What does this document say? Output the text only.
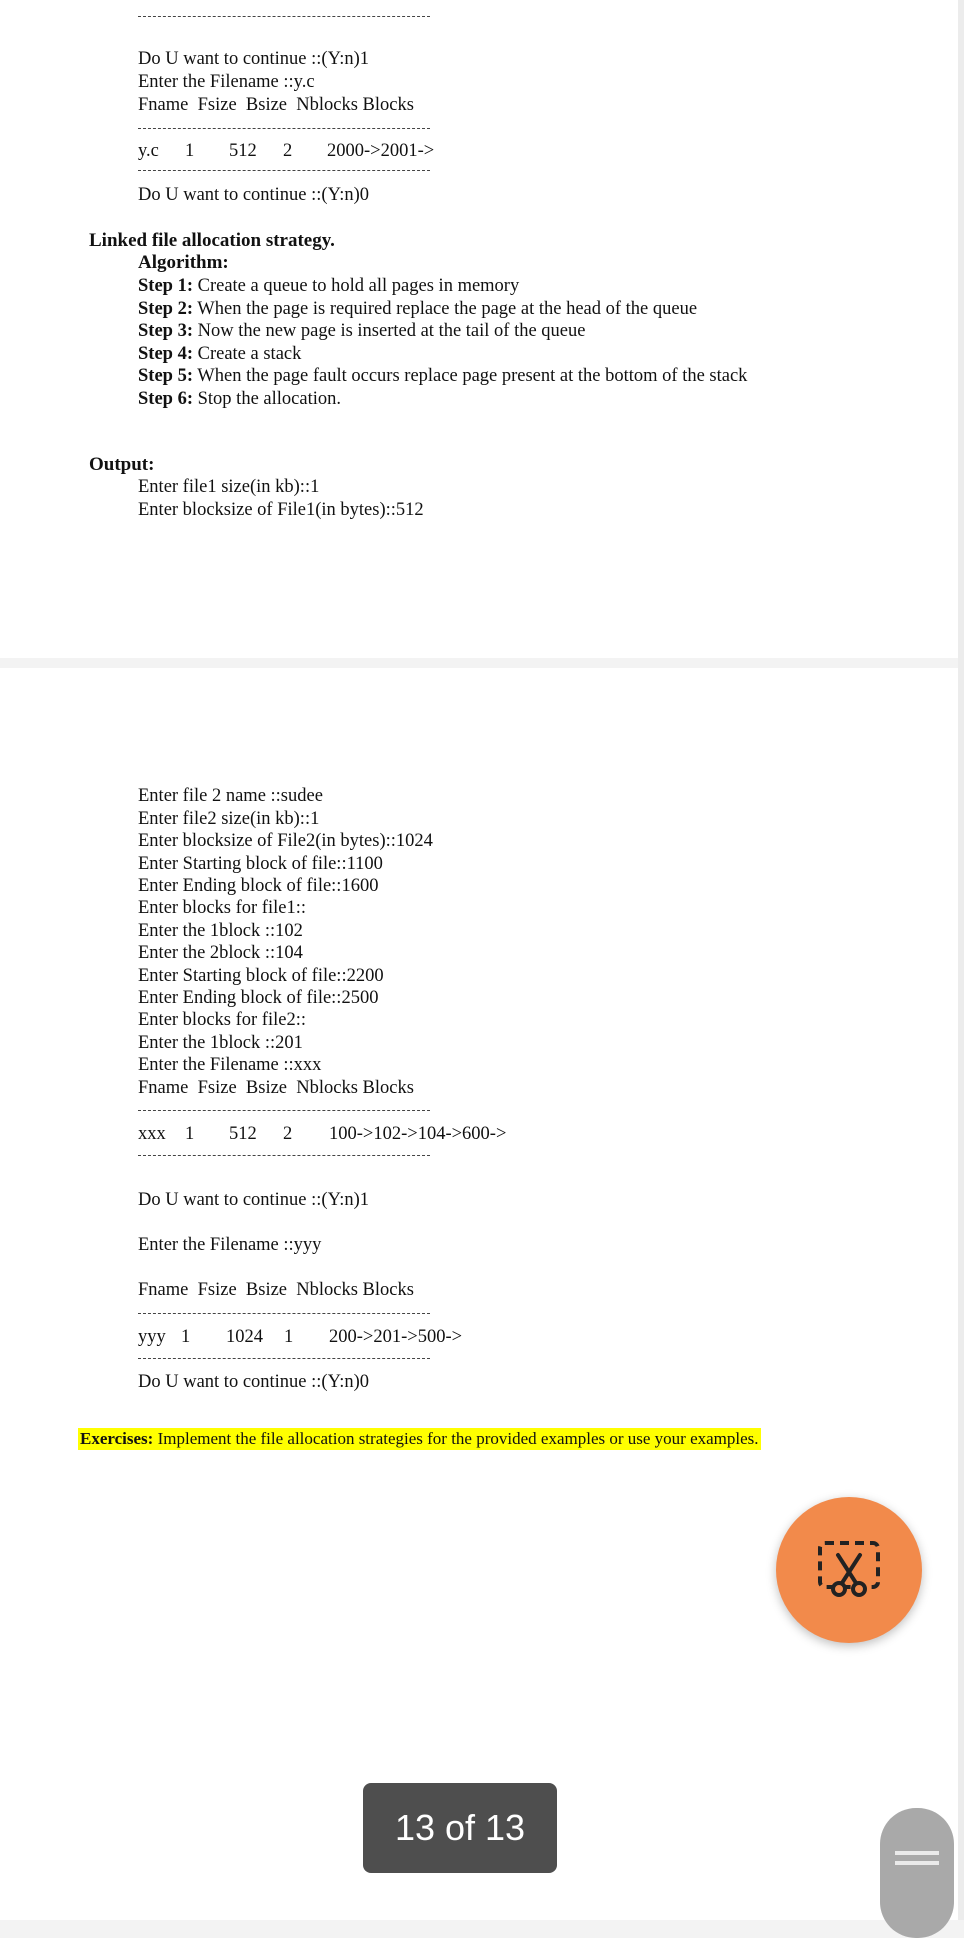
Do U want to continue ::(Y:n)1
Enter the Filename ::y.c
Fname  Fsize  Bsize  Nblocks Blocks

y.c

1

512

2

2000->2001->

Do U want to continue ::(Y:n)0
Linked file allocation strategy.
Algorithm:
Step 1: Create a queue to hold all pages in memory
Step 2: When the page is required replace the page at the head of the queue
Step 3: Now the new page is inserted at the tail of the queue
Step 4: Create a stack
Step 5: When the page fault occurs replace page present at the bottom of the stack
Step 6: Stop the allocation.
Output:
Enter file1 size(in kb)::1
Enter blocksize of File1(in bytes)::512
Enter file 2 name ::sudee
Enter file2 size(in kb)::1
Enter blocksize of File2(in bytes)::1024
Enter Starting block of file::1100
Enter Ending block of file::1600
Enter blocks for file1::
Enter the 1block ::102
Enter the 2block ::104
Enter Starting block of file::2200
Enter Ending block of file::2500
Enter blocks for file2::
Enter the 1block ::201
Enter the Filename ::xxx
Fname  Fsize  Bsize  Nblocks Blocks

xxx

1

512

2

100->102->104->600->

Do U want to continue ::(Y:n)1
Enter the Filename ::yyy
Fname  Fsize  Bsize  Nblocks Blocks

yyy

1

1024

1

200->201->500->

Do U want to continue ::(Y:n)0
Exercises: Implement the file allocation strategies for the provided examples or use your examples.
13 of 13
